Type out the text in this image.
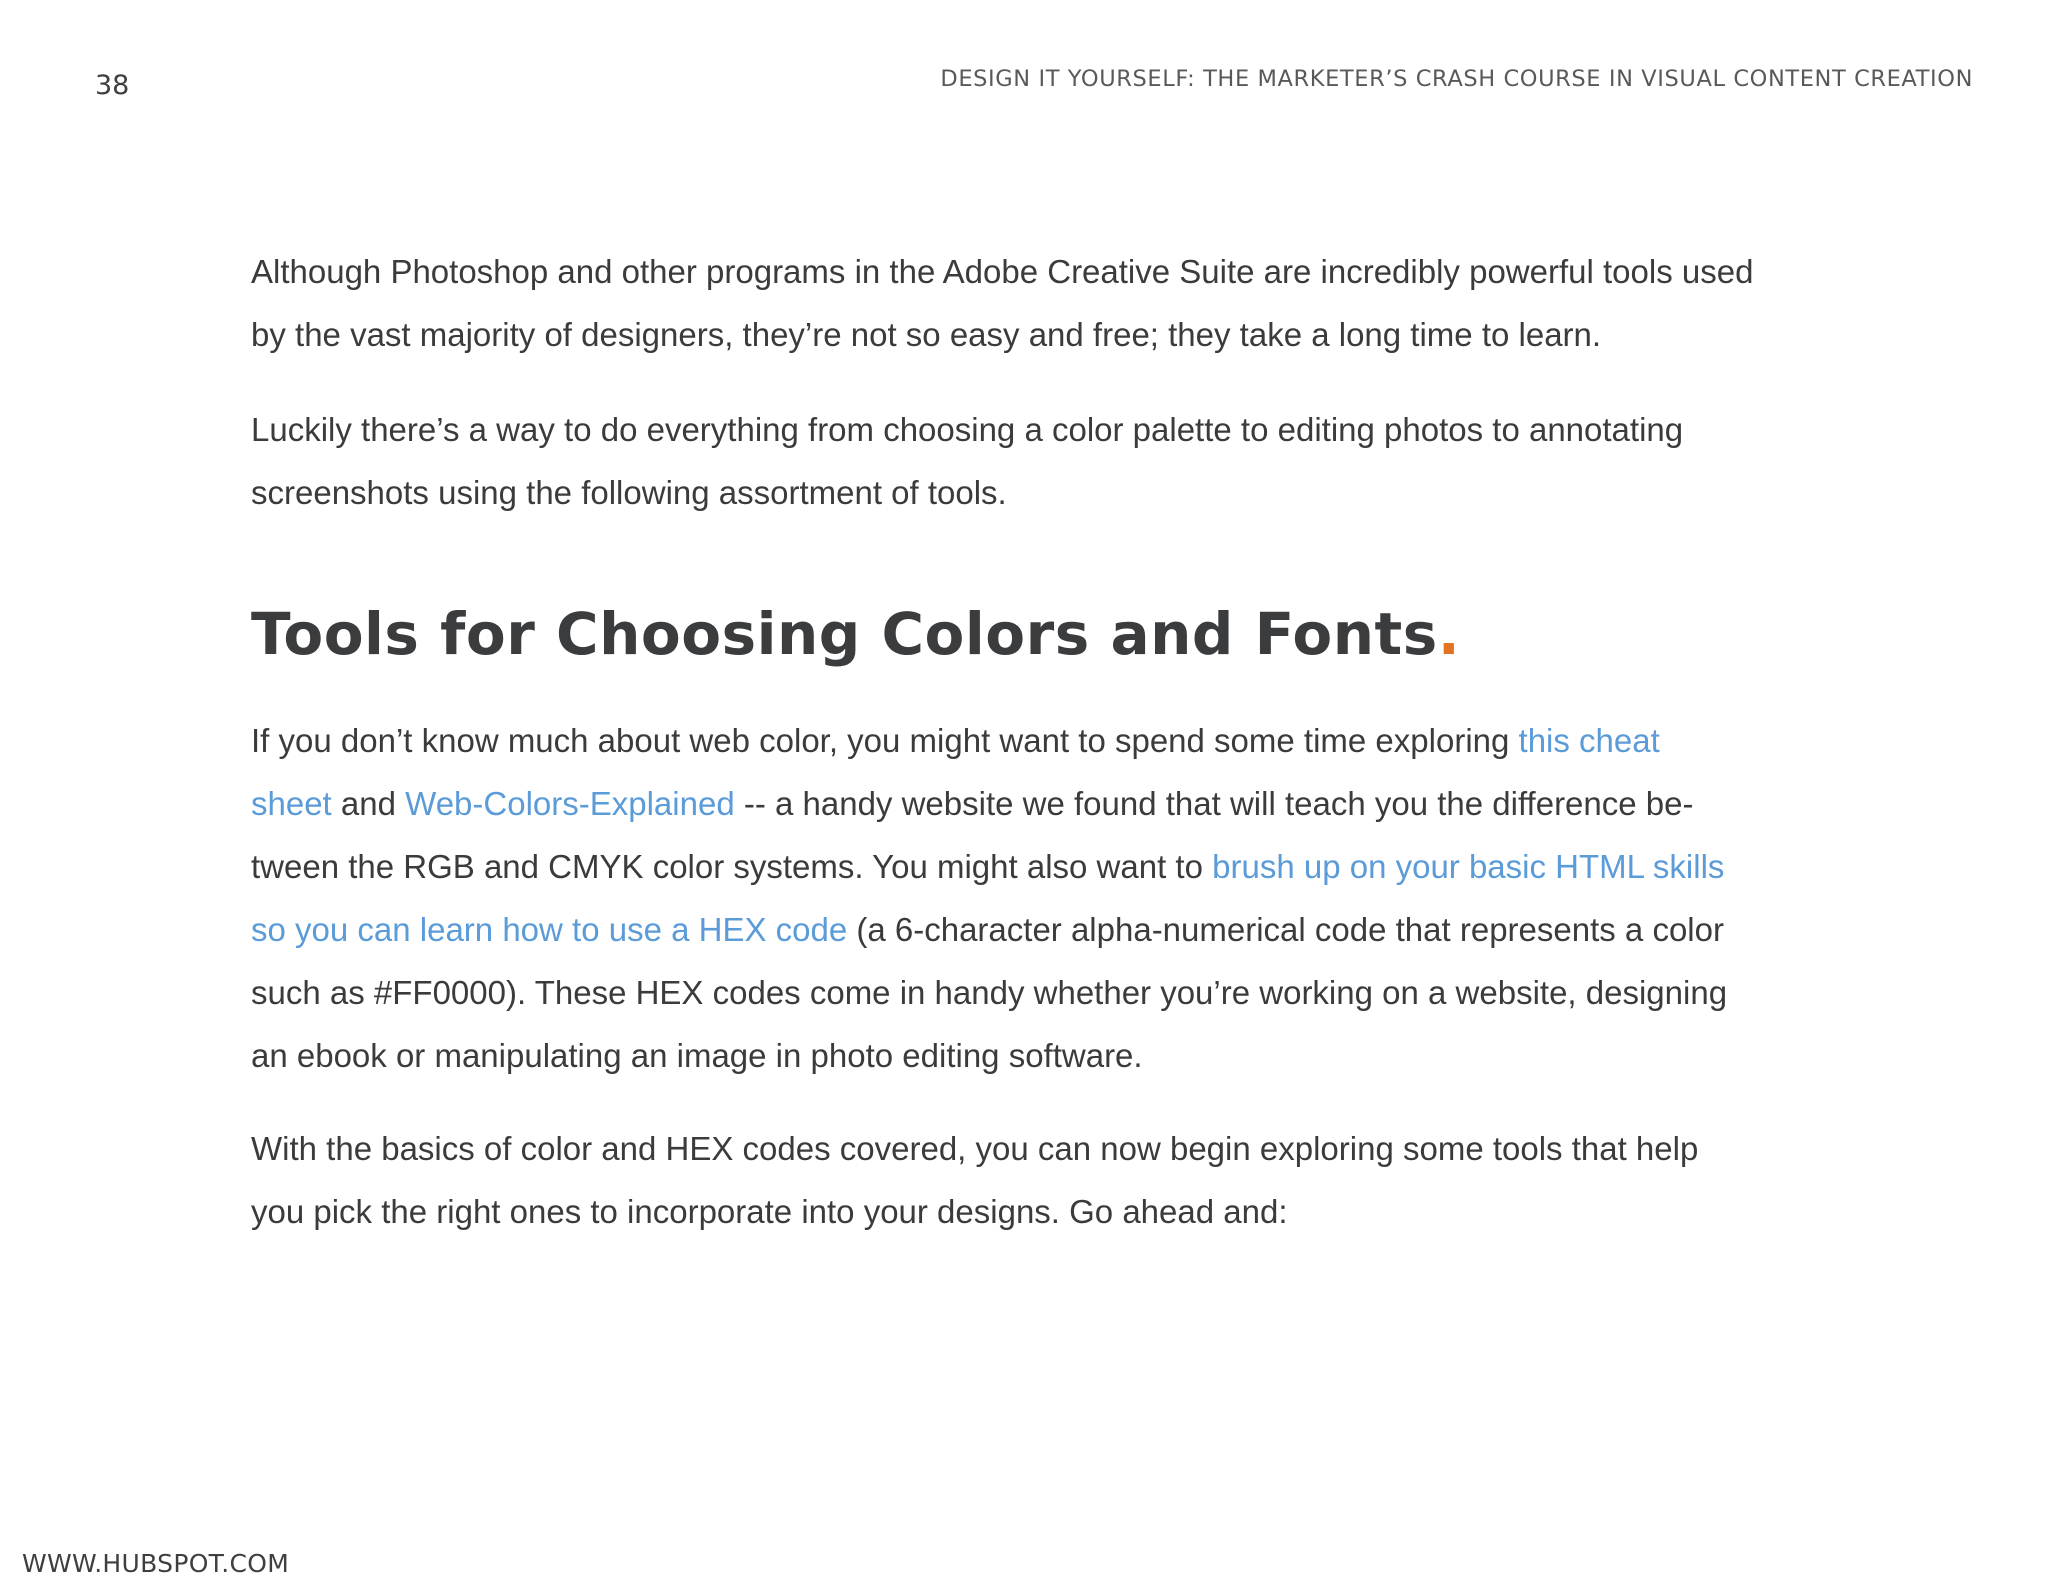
38	DESIGN IT YOURSELF: THE MARKETER’S CRASH COURSE IN VISUAL CONTENT CREATION

Although Photoshop and other programs in the Adobe Creative Suite are incredibly powerful tools used
by the vast majority of designers, they’re not so easy and free; they take a long time to learn.

Luckily there’s a way to do everything from choosing a color palette to editing photos to annotating
screenshots using the following assortment of tools.

Tools for Choosing Colors and Fonts.

If you don’t know much about web color, you might want to spend some time exploring this cheat
sheet and Web-Colors-Explained -- a handy website we found that will teach you the difference be-
tween the RGB and CMYK color systems. You might also want to brush up on your basic HTML skills
so you can learn how to use a HEX code (a 6-character alpha-numerical code that represents a color
such as #FF0000). These HEX codes come in handy whether you’re working on a website, designing
an ebook or manipulating an image in photo editing software.

With the basics of color and HEX codes covered, you can now begin exploring some tools that help
you pick the right ones to incorporate into your designs. Go ahead and:

WWW.HUBSPOT.COM
